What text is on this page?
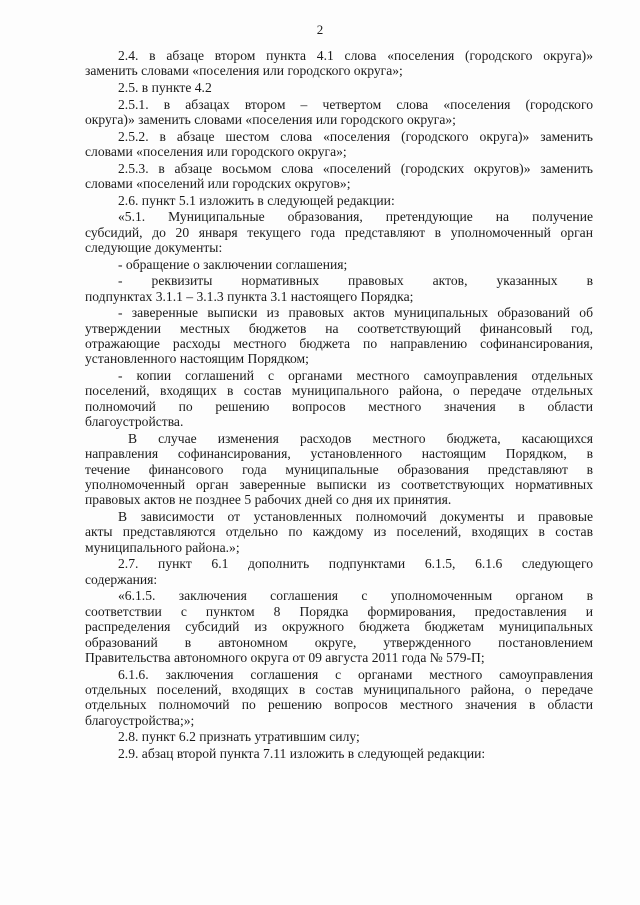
2
2.4. в абзаце втором пункта 4.1 слова «поселения (городского округа)»
заменить словами «поселения или городского округа»;
2.5. в пункте 4.2
2.5.1. в абзацах втором – четвертом слова «поселения (городского
округа)» заменить словами «поселения или городского округа»;
2.5.2. в абзаце шестом слова «поселения (городского округа)» заменить
словами «поселения или городского округа»;
2.5.3. в абзаце восьмом слова «поселений (городских округов)» заменить
словами «поселений или городских округов»;
2.6. пункт 5.1 изложить в следующей редакции:
«5.1. Муниципальные образования, претендующие на получение
субсидий, до 20 января текущего года представляют в уполномоченный орган
следующие документы:
- обращение о заключении соглашения;
- реквизиты нормативных правовых актов, указанных в
подпунктах 3.1.1 – 3.1.3 пункта 3.1 настоящего Порядка;
- заверенные выписки из правовых актов муниципальных образований об
утверждении местных бюджетов на соответствующий финансовый год,
отражающие расходы местного бюджета по направлению софинансирования,
установленного настоящим Порядком;
- копии соглашений с органами местного самоуправления отдельных
поселений, входящих в состав муниципального района, о передаче отдельных
полномочий по решению вопросов местного значения в области
благоустройства.
В случае изменения расходов местного бюджета, касающихся
направления софинансирования, установленного настоящим Порядком, в
течение финансового года муниципальные образования представляют в
уполномоченный орган заверенные выписки из соответствующих нормативных
правовых актов не позднее 5 рабочих дней со дня их принятия.
В зависимости от установленных полномочий документы и правовые
акты представляются отдельно по каждому из поселений, входящих в состав
муниципального района.»;
2.7. пункт 6.1 дополнить подпунктами 6.1.5, 6.1.6 следующего
содержания:
«6.1.5. заключения соглашения с уполномоченным органом в
соответствии с пунктом 8 Порядка формирования, предоставления и
распределения субсидий из окружного бюджета бюджетам муниципальных
образований в автономном округе, утвержденного постановлением
Правительства автономного округа от 09 августа 2011 года № 579-П;
6.1.6. заключения соглашения с органами местного самоуправления
отдельных поселений, входящих в состав муниципального района, о передаче
отдельных полномочий по решению вопросов местного значения в области
благоустройства;»;
2.8. пункт 6.2 признать утратившим силу;
2.9. абзац второй пункта 7.11 изложить в следующей редакции:
